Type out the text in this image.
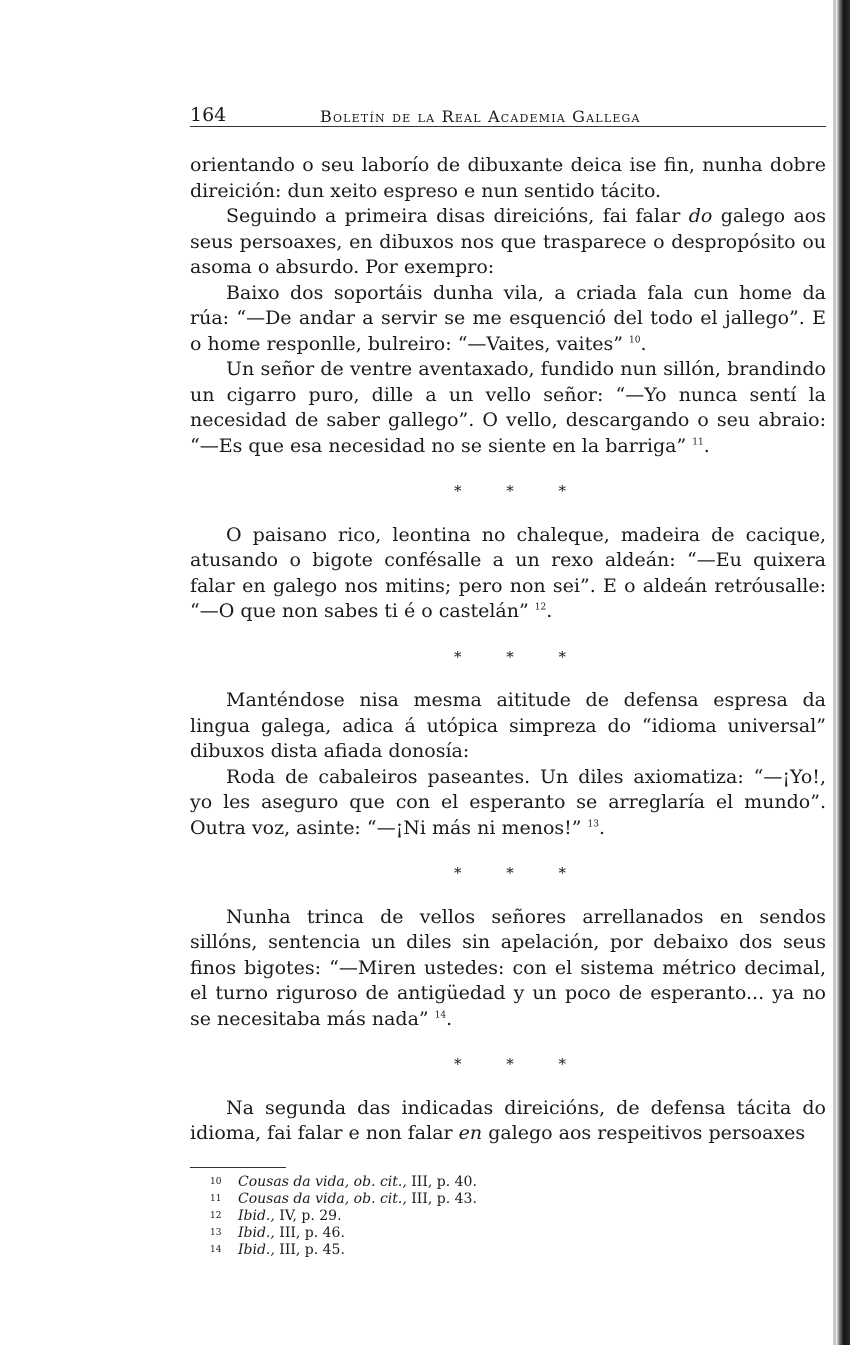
164	Boletín de la Real Academia Gallega

orientando o seu laborío de dibuxante deica ise fin, nunha dobre direición: dun xeito espreso e nun sentido tácito.

Seguindo a primeira disas direicións, fai falar do galego aos seus persoaxes, en dibuxos nos que trasparece o despropósito ou asoma o absurdo. Por exempro:

Baixo dos soportáis dunha vila, a criada fala cun home da rúa: “—De andar a servir se me esquenció del todo el jallego”. E o home responlle, bulreiro: “—Vaites, vaites” $^{10}$.

Un señor de ventre aventaxado, fundido nun sillón, brandindo un cigarro puro, dille a un vello señor: “—Yo nunca sentí la necesidad de saber gallego”. O vello, descargando o seu abraio: “—Es que esa necesidad no se siente en la barriga” $^{11}$.

* * *

O paisano rico, leontina no chaleque, madeira de cacique, atusando o bigote confésalle a un rexo aldeán: “—Eu quixera falar en galego nos mitins; pero non sei”. E o aldeán retróusalle: “—O que non sabes ti é o castelán” $^{12}$.

* * *

Manténdose nisa mesma aititude de defensa espresa da lingua galega, adica á utópica simpreza do “idioma universal” dibuxos dista afiada donosía:

Roda de cabaleiros paseantes. Un diles axiomatiza: “—¡Yo!, yo les aseguro que con el esperanto se arreglaría el mundo”. Outra voz, asinte: “—¡Ni más ni menos!” $^{13}$.

* * *

Nunha trinca de vellos señores arrellanados en sendos sillóns, sentencia un diles sin apelación, por debaixo dos seus finos bigotes: “—Miren ustedes: con el sistema métrico decimal, el turno riguroso de antigüedad y un poco de esperanto... ya no se necesitaba más nada” $^{14}$.

* * *

Na segunda das indicadas direicións, de defensa tácita do idioma, fai falar e non falar en galego aos respeitivos persoaxes

10	Cousas da vida, ob. cit., III, p. 40.
11	Cousas da vida, ob. cit., III, p. 43.
12	Ibid., IV, p. 29.
13	Ibid., III, p. 46.
14	Ibid., III, p. 45.
